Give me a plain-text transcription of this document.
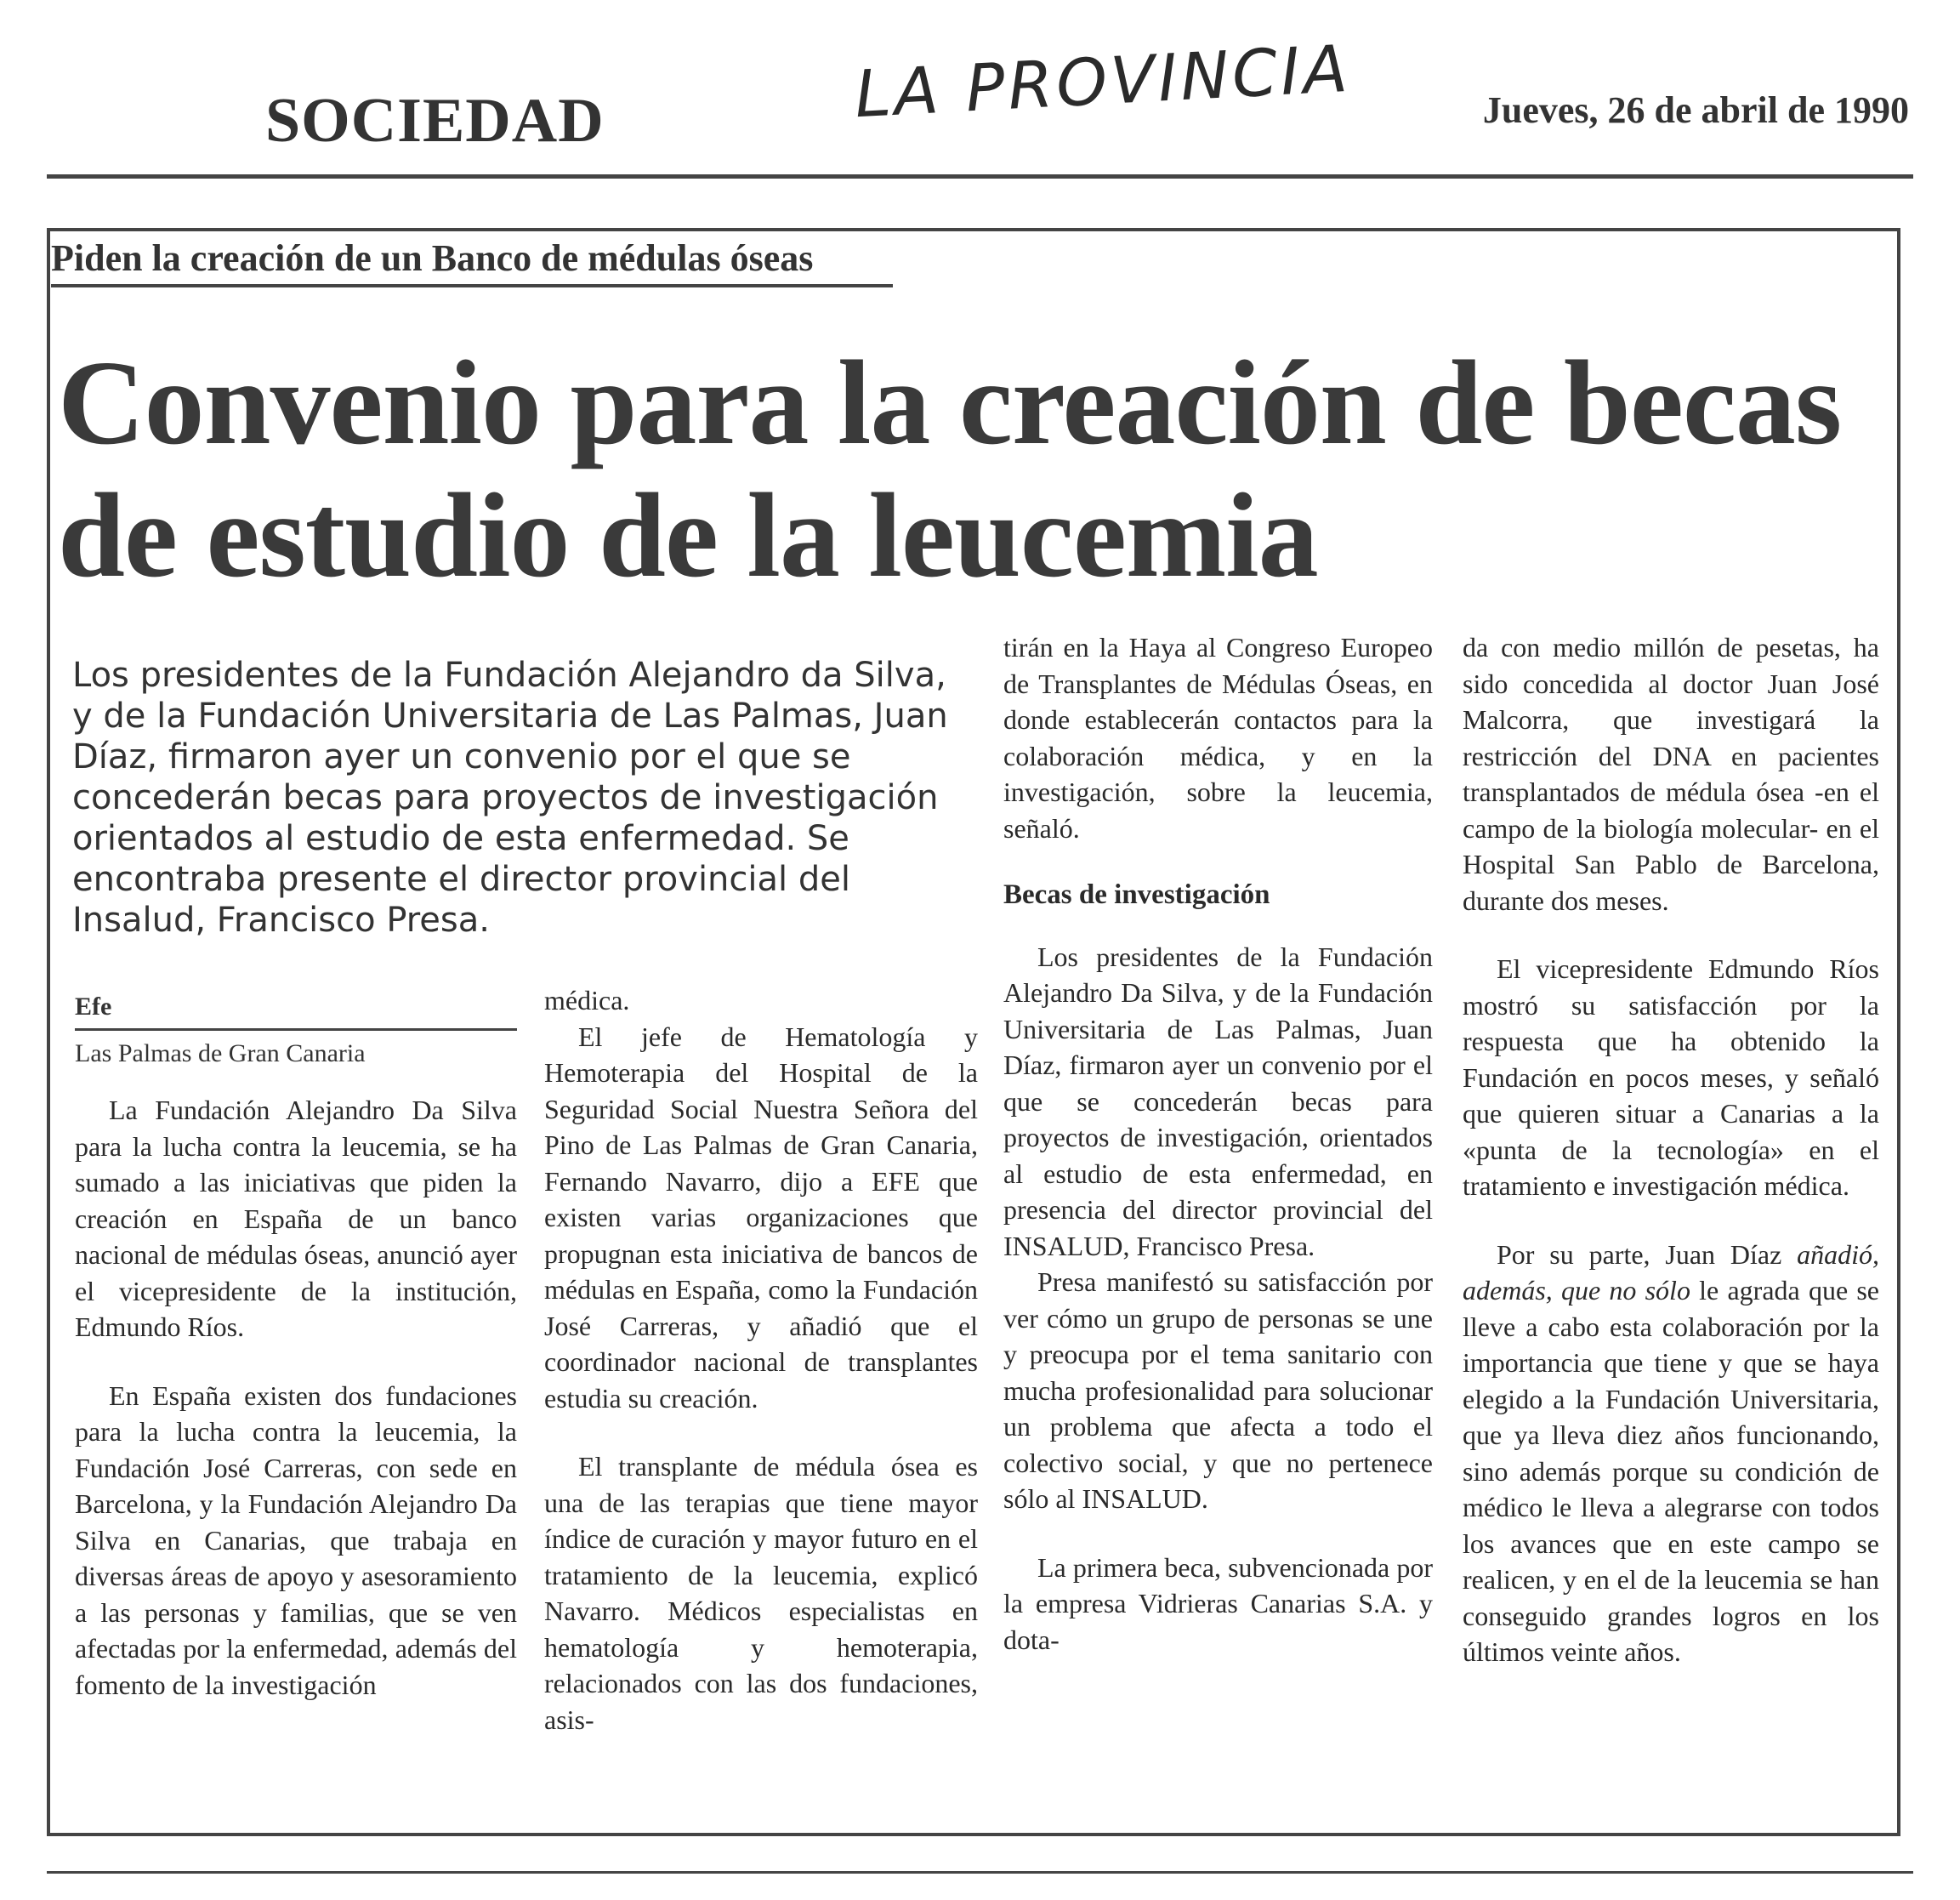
SOCIEDAD	LA PROVINCIA	Jueves, 26 de abril de 1990
Piden la creación de un Banco de médulas óseas
Convenio para la creación de becas de estudio de la leucemia
Los presidentes de la Fundación Alejandro da Silva, y de la Fundación Universitaria de Las Palmas, Juan Díaz, firmaron ayer un convenio por el que se concederán becas para proyectos de investigación orientados al estudio de esta enfermedad. Se encontraba presente el director provincial del Insalud, Francisco Presa.
Efe
Las Palmas de Gran Canaria

La Fundación Alejandro Da Silva para la lucha contra la leucemia, se ha sumado a las iniciativas que piden la creación en España de un banco nacional de médulas óseas, anunció ayer el vicepresidente de la institución, Edmundo Ríos.

En España existen dos fundaciones para la lucha contra la leucemia, la Fundación José Carreras, con sede en Barcelona, y la Fundación Alejandro Da Silva en Canarias, que trabaja en diversas áreas de apoyo y asesoramiento a las personas y familias, que se ven afectadas por la enfermedad, además del fomento de la investigación

médica.

El jefe de Hematología y Hemoterapia del Hospital de la Seguridad Social Nuestra Señora del Pino de Las Palmas de Gran Canaria, Fernando Navarro, dijo a EFE que existen varias organizaciones que propugnan esta iniciativa de bancos de médulas en España, como la Fundación José Carreras, y añadió que el coordinador nacional de transplantes estudia su creación.

El transplante de médula ósea es una de las terapias que tiene mayor índice de curación y mayor futuro en el tratamiento de la leucemia, explicó Navarro. Médicos especialistas en hematología y hemoterapia, relacionados con las dos fundaciones, asis-

tirán en la Haya al Congreso Europeo de Transplantes de Médulas Óseas, en donde establecerán contactos para la colaboración médica, y en la investigación, sobre la leucemia, señaló.

Becas de investigación

Los presidentes de la Fundación Alejandro Da Silva, y de la Fundación Universitaria de Las Palmas, Juan Díaz, firmaron ayer un convenio por el que se concederán becas para proyectos de investigación, orientados al estudio de esta enfermedad, en presencia del director provincial del INSALUD, Francisco Presa.

Presa manifestó su satisfacción por ver cómo un grupo de personas se une y preocupa por el tema sanitario con mucha profesionalidad para solucionar un problema que afecta a todo el colectivo social, y que no pertenece sólo al INSALUD.

La primera beca, subvencionada por la empresa Vidrieras Canarias S.A. y dota-

da con medio millón de pesetas, ha sido concedida al doctor Juan José Malcorra, que investigará la restricción del DNA en pacientes transplantados de médula ósea -en el campo de la biología molecular- en el Hospital San Pablo de Barcelona, durante dos meses.

El vicepresidente Edmundo Ríos mostró su satisfacción por la respuesta que ha obtenido la Fundación en pocos meses, y señaló que quieren situar a Canarias a la «punta de la tecnología» en el tratamiento e investigación médica.

Por su parte, Juan Díaz añadió, además, que no sólo le agrada que se lleve a cabo esta colaboración por la importancia que tiene y que se haya elegido a la Fundación Universitaria, que ya lleva diez años funcionando, sino además porque su condición de médico le lleva a alegrarse con todos los avances que en este campo se realicen, y en el de la leucemia se han conseguido grandes logros en los últimos veinte años.
